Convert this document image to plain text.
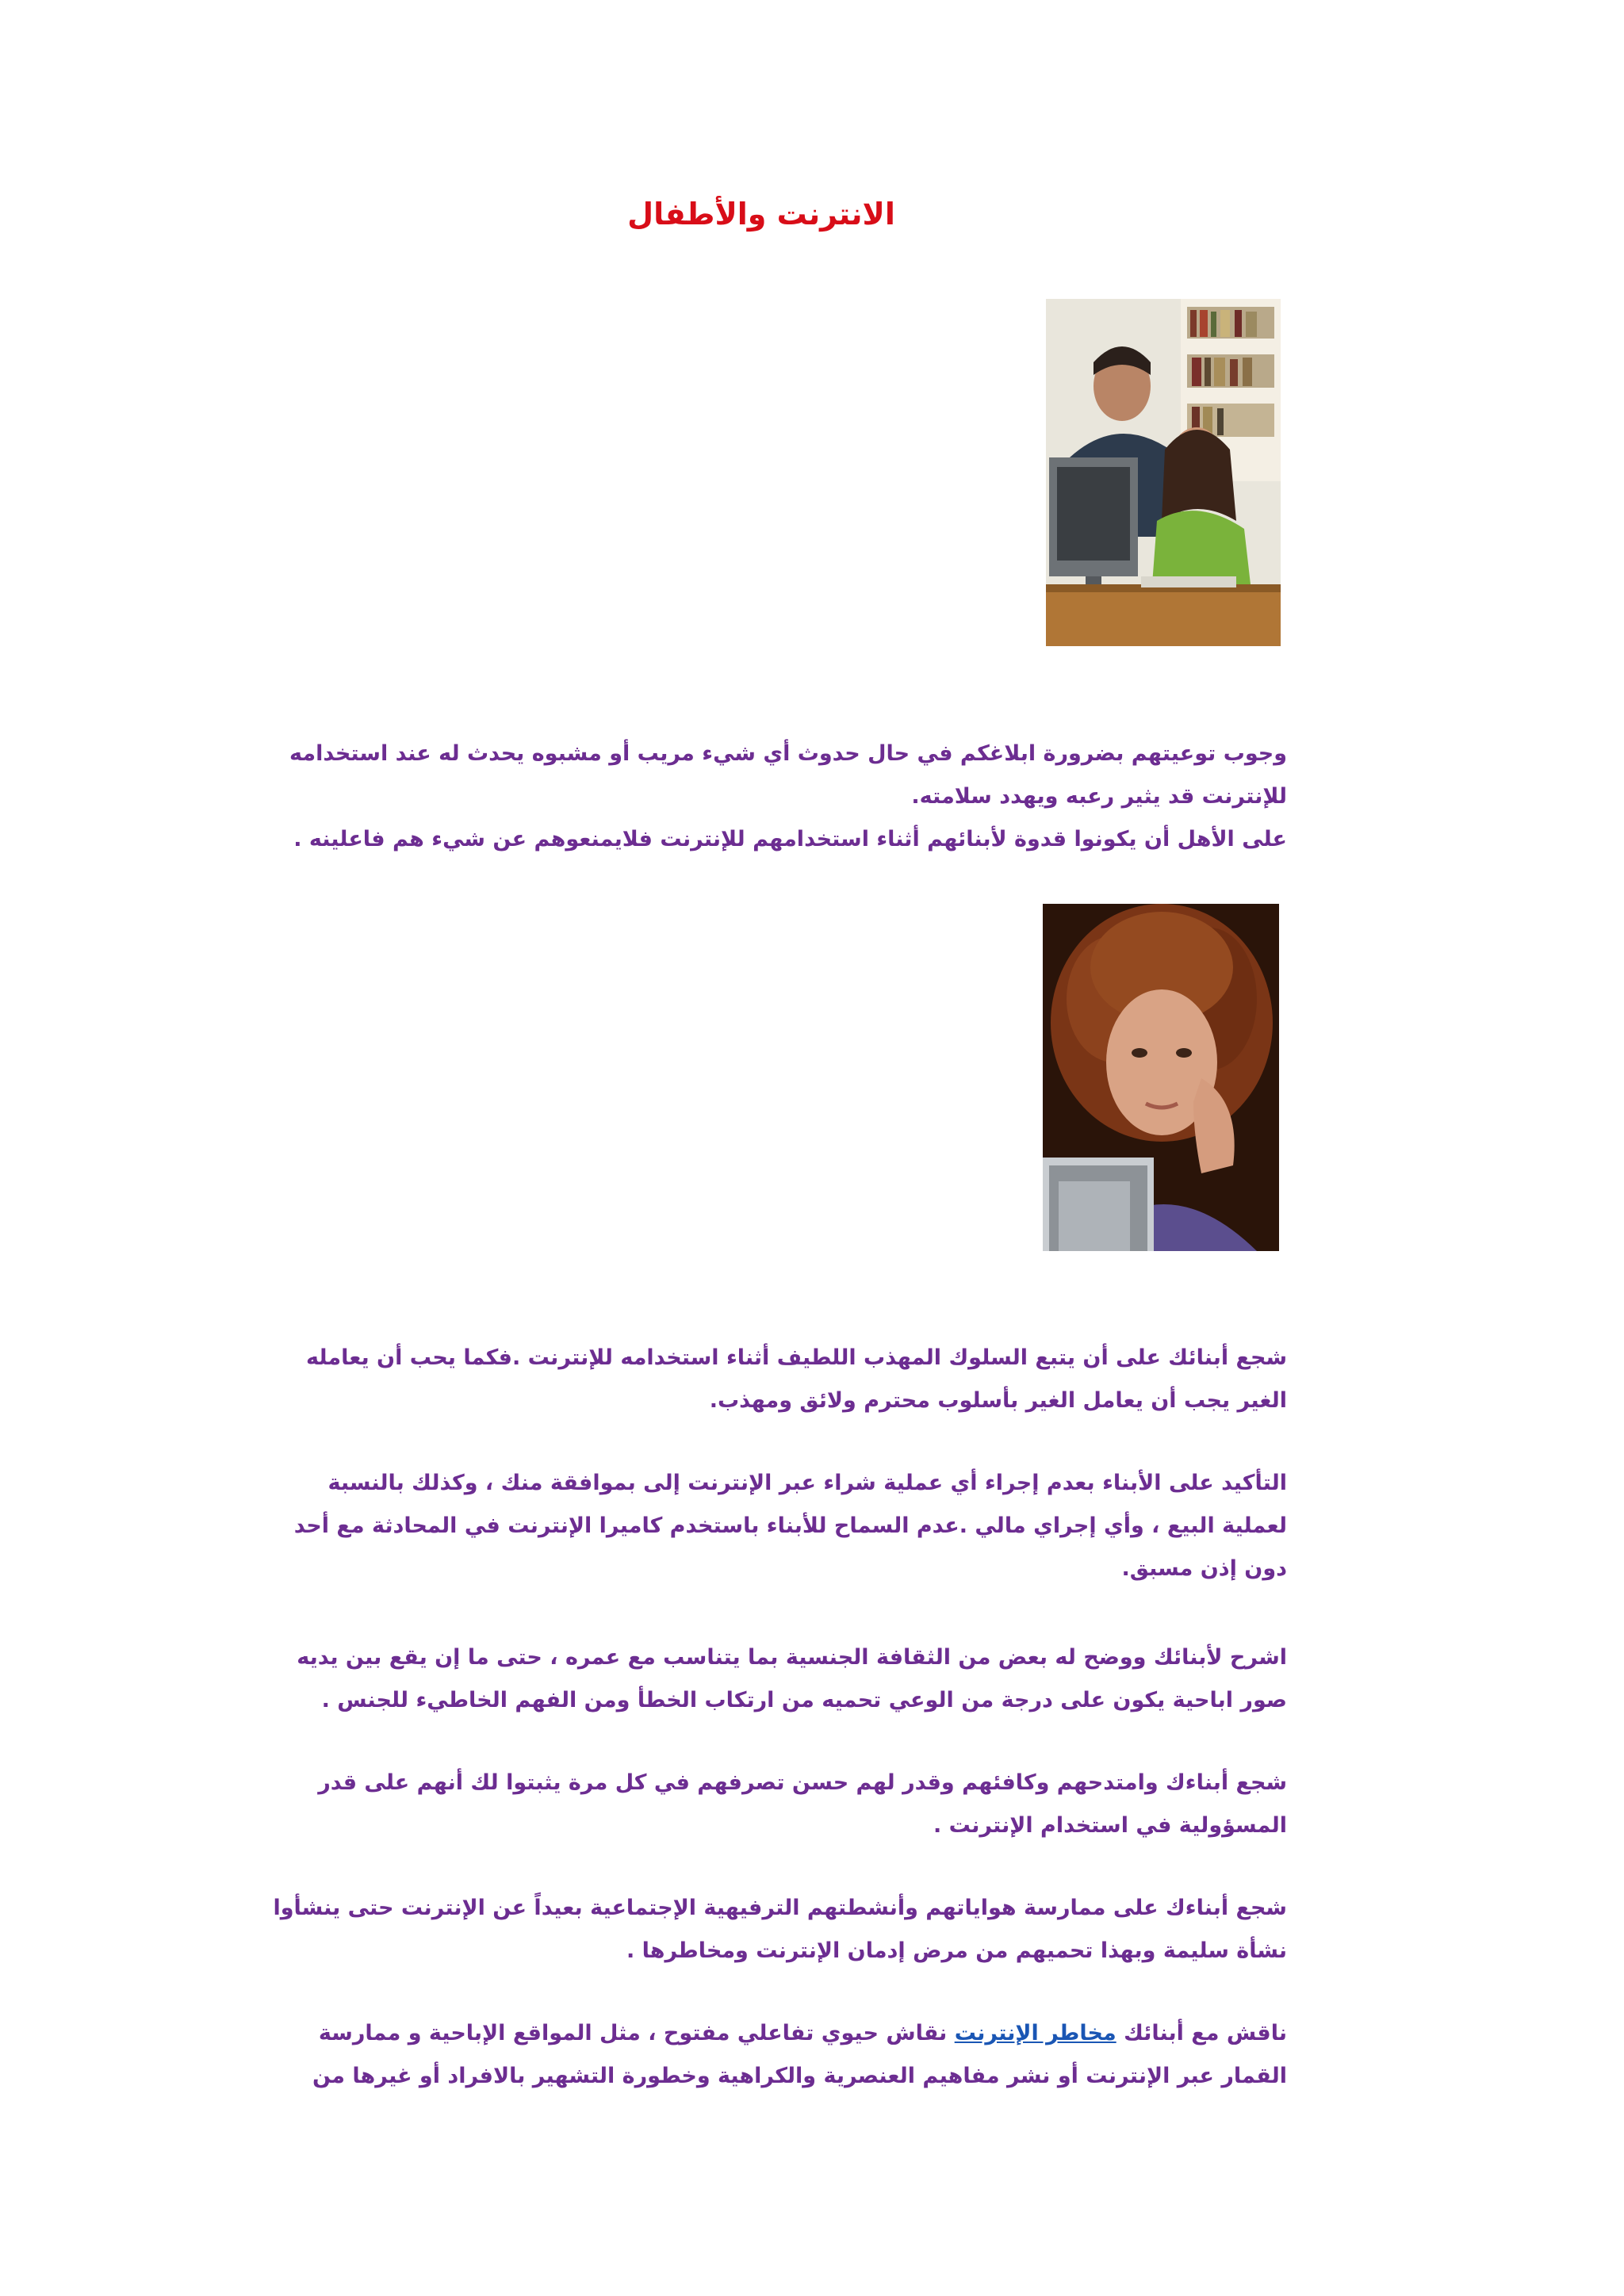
الانترنت والأطفال

وجوب توعيتهم بضرورة ابلاغكم في حال حدوث أي شيء مريب أو مشبوه يحدث له عند استخدامه
للإنترنت قد يثير رعبه ويهدد سلامته.
على الأهل أن يكونوا قدوة لأبنائهم أثناء استخدامهم للإنترنت فلايمنعوهم عن شيء هم فاعلينه .

شجع أبنائك على أن يتبع السلوك المهذب اللطيف أثناء استخدامه للإنترنت .فكما يحب أن يعامله
الغير يجب أن يعامل الغير بأسلوب محترم ولائق ومهذب.

التأكيد على الأبناء بعدم إجراء أي عملية شراء عبر الإنترنت إلى بموافقة منك ، وكذلك بالنسبة
لعملية البيع ، وأي إجراي مالي .عدم السماح للأبناء باستخدم كاميرا الإنترنت في المحادثة مع أحد
دون إذن مسبق.

اشرح لأبنائك ووضح له بعض من الثقافة الجنسية بما يتناسب مع عمره ، حتى ما إن يقع بين يديه
صور اباحية يكون على درجة من الوعي تحميه من ارتكاب الخطأ ومن الفهم الخاطيء للجنس .

شجع أبناءك وامتدحهم وكافئهم وقدر لهم حسن تصرفهم في كل مرة يثبتوا لك أنهم على قدر
المسؤولية في استخدام الإنترنت .

شجع أبناءك على ممارسة هواياتهم وأنشطتهم الترفيهية الإجتماعية بعيداً عن الإنترنت حتى ينشأوا
نشأة سليمة وبهذا تحميهم من مرض إدمان الإنترنت ومخاطرها .

ناقش مع أبنائك مخاطر الإنترنت نقاش حيوي تفاعلي مفتوح ، مثل المواقع الإباحية و ممارسة
القمار عبر الإنترنت أو نشر مفاهيم العنصرية والكراهية وخطورة التشهير بالافراد أو غيرها من
